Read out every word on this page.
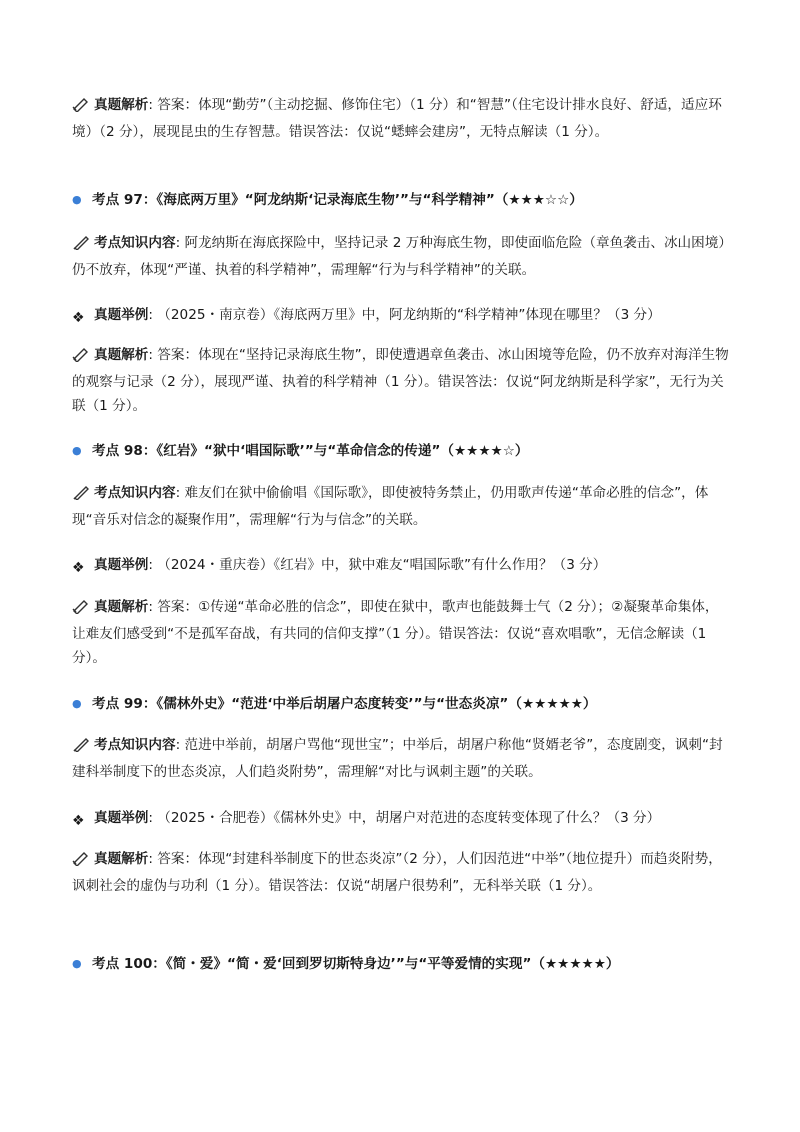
真题解析: 答案：体现“勤劳”（主动挖掘、修饰住宅）（1 分）和“智慧”（住宅设计排水良好、舒适，适应环境）（2 分），展现昆虫的生存智慧。错误答法：仅说“蟋蟀会建房”，无特点解读（1 分）。
● 考点 97：《海底两万里》“阿龙纳斯‘记录海底生物’”与“科学精神”（★★★☆☆）
考点知识内容: 阿龙纳斯在海底探险中，坚持记录 2 万种海底生物，即使面临危险（章鱼袭击、冰山困境）仍不放弃，体现“严谨、执着的科学精神”，需理解“行为与科学精神”的关联。
❖ 真题举例: （2025・南京卷）《海底两万里》中，阿龙纳斯的“科学精神”体现在哪里？（3 分）
真题解析: 答案：体现在“坚持记录海底生物”，即使遭遇章鱼袭击、冰山困境等危险，仍不放弃对海洋生物的观察与记录（2 分），展现严谨、执着的科学精神（1 分）。错误答法：仅说“阿龙纳斯是科学家”，无行为关联（1 分）。
● 考点 98：《红岩》“狱中‘唱国际歌’”与“革命信念的传递”（★★★★☆）
考点知识内容: 难友们在狱中偷偷唱《国际歌》，即使被特务禁止，仍用歌声传递“革命必胜的信念”，体现“音乐对信念的凝聚作用”，需理解“行为与信念”的关联。
❖ 真题举例: （2024・重庆卷）《红岩》中，狱中难友“唱国际歌”有什么作用？（3 分）
真题解析: 答案：①传递“革命必胜的信念”，即使在狱中，歌声也能鼓舞士气（2 分）；②凝聚革命集体，让难友们感受到“不是孤军奋战，有共同的信仰支撑”（1 分）。错误答法：仅说“喜欢唱歌”，无信念解读（1 分）。
● 考点 99：《儒林外史》“范进‘中举后胡屠户态度转变’”与“世态炎凉”（★★★★★）
考点知识内容: 范进中举前，胡屠户骂他“现世宝”；中举后，胡屠户称他“贤婿老爷”，态度剧变，讽刺“封建科举制度下的世态炎凉，人们趋炎附势”，需理解“对比与讽刺主题”的关联。
❖ 真题举例: （2025・合肥卷）《儒林外史》中，胡屠户对范进的态度转变体现了什么？（3 分）
真题解析: 答案：体现“封建科举制度下的世态炎凉”（2 分），人们因范进“中举”（地位提升）而趋炎附势，讽刺社会的虚伪与功利（1 分）。错误答法：仅说“胡屠户很势利”，无科举关联（1 分）。
● 考点 100：《简・爱》“简・爱‘回到罗切斯特身边’”与“平等爱情的实现”（★★★★★）
